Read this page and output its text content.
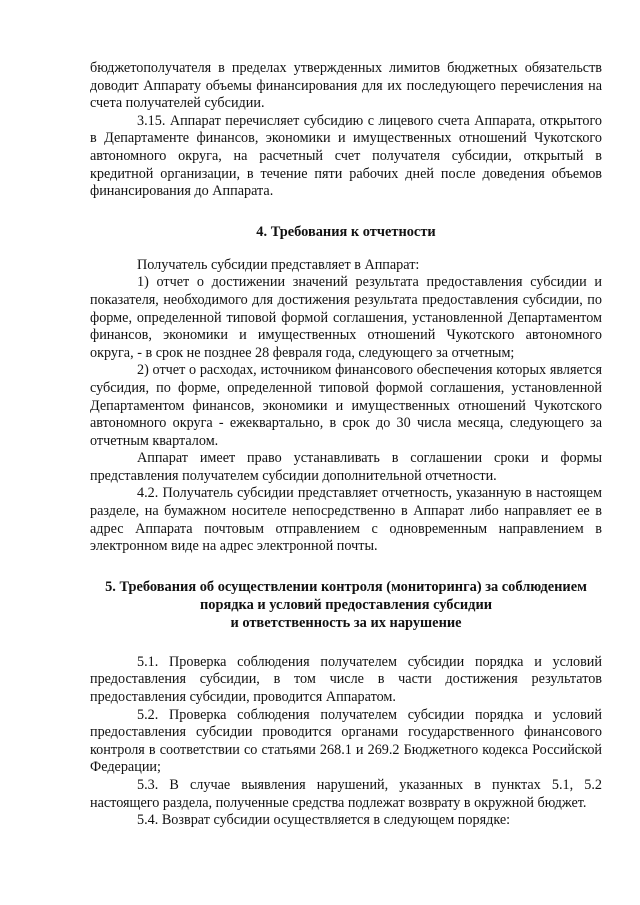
бюджетополучателя в пределах утвержденных лимитов бюджетных обязательств доводит Аппарату объемы финансирования для их последующего перечисления на счета получателей субсидии.

3.15. Аппарат перечисляет субсидию с лицевого счета Аппарата, открытого в Департаменте финансов, экономики и имущественных отношений Чукотского автономного округа, на расчетный счет получателя субсидии, открытый в кредитной организации, в течение пяти рабочих дней после доведения объемов финансирования до Аппарата.

4. Требования к отчетности

Получатель субсидии представляет в Аппарат:

1) отчет о достижении значений результата предоставления субсидии и показателя, необходимого для достижения результата предоставления субсидии, по форме, определенной типовой формой соглашения, установленной Департаментом финансов, экономики и имущественных отношений Чукотского автономного округа, - в срок не позднее 28 февраля года, следующего за отчетным;

2) отчет о расходах, источником финансового обеспечения которых является субсидия, по форме, определенной типовой формой соглашения, установленной Департаментом финансов, экономики и имущественных отношений Чукотского автономного округа - ежеквартально, в срок до 30 числа месяца, следующего за отчетным кварталом.

Аппарат имеет право устанавливать в соглашении сроки и формы представления получателем субсидии дополнительной отчетности.

4.2. Получатель субсидии представляет отчетность, указанную в настоящем разделе, на бумажном носителе непосредственно в Аппарат либо направляет ее в адрес Аппарата почтовым отправлением с одновременным направлением в электронном виде на адрес электронной почты.

5. Требования об осуществлении контроля (мониторинга) за соблюдением

порядка и условий предоставления субсидии

и ответственность за их нарушение

5.1. Проверка соблюдения получателем субсидии порядка и условий предоставления субсидии, в том числе в части достижения результатов предоставления субсидии, проводится Аппаратом.

5.2. Проверка соблюдения получателем субсидии порядка и условий предоставления субсидии проводится органами государственного финансового контроля в соответствии со статьями 268.1 и 269.2 Бюджетного кодекса Российской Федерации;

5.3. В случае выявления нарушений, указанных в пунктах 5.1, 5.2 настоящего раздела, полученные средства подлежат возврату в окружной бюджет.

5.4. Возврат субсидии осуществляется в следующем порядке:
